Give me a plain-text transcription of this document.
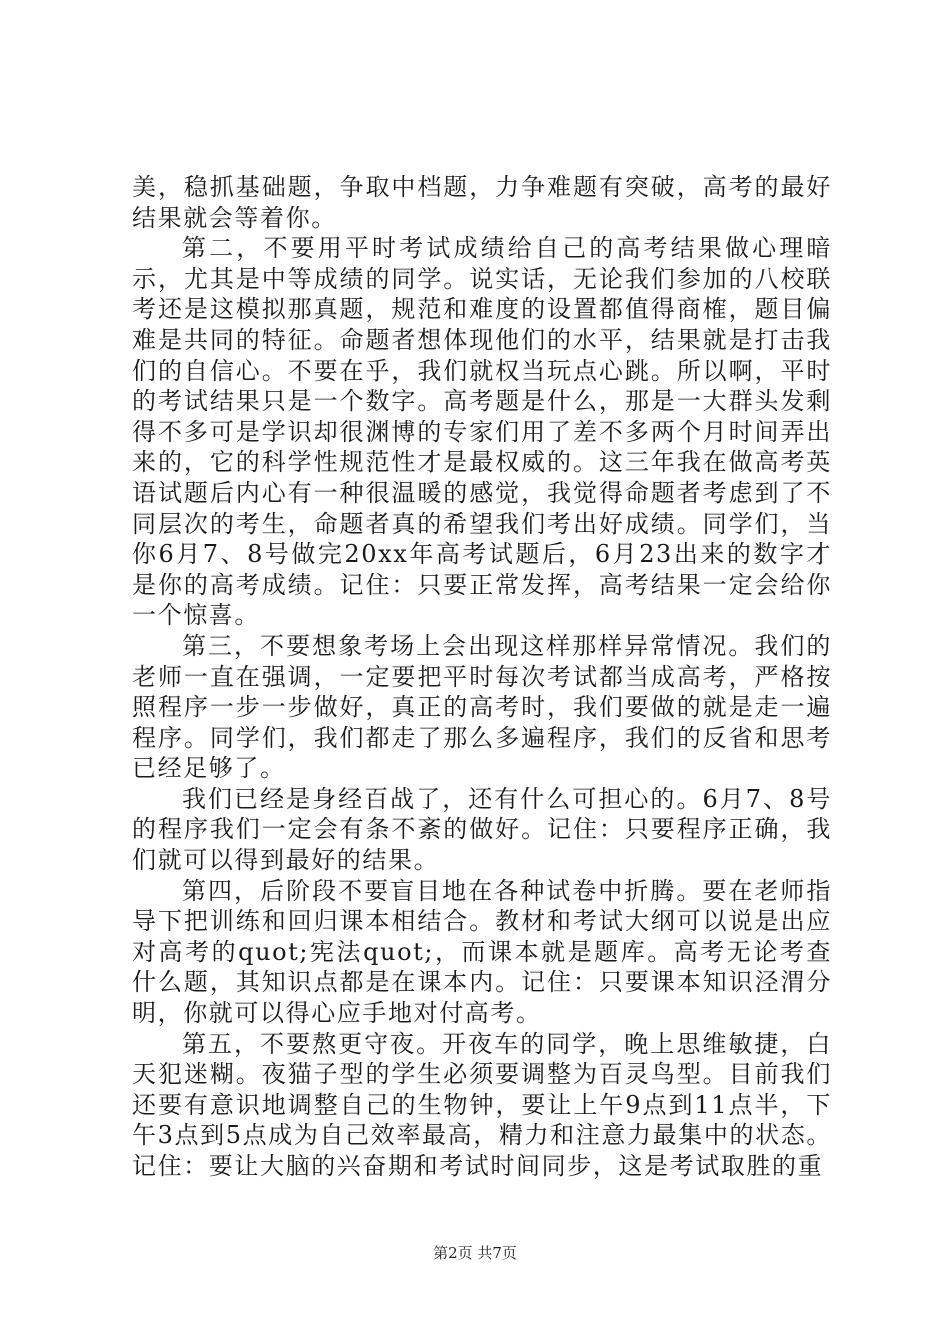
美，稳抓基础题，争取中档题，力争难题有突破，高考的最好结果就会等着你。

第二，不要用平时考试成绩给自己的高考结果做心理暗示，尤其是中等成绩的同学。说实话，无论我们参加的八校联考还是这模拟那真题，规范和难度的设置都值得商榷，题目偏难是共同的特征。命题者想体现他们的水平，结果就是打击我们的自信心。不要在乎，我们就权当玩点心跳。所以啊，平时的考试结果只是一个数字。高考题是什么，那是一大群头发剩得不多可是学识却很渊博的专家们用了差不多两个月时间弄出来的，它的科学性规范性才是最权威的。这三年我在做高考英语试题后内心有一种很温暖的感觉，我觉得命题者考虑到了不同层次的考生，命题者真的希望我们考出好成绩。同学们，当你6月7、8号做完20xx年高考试题后，6月23出来的数字才是你的高考成绩。记住：只要正常发挥，高考结果一定会给你一个惊喜。

第三，不要想象考场上会出现这样那样异常情况。我们的老师一直在强调，一定要把平时每次考试都当成高考，严格按照程序一步一步做好，真正的高考时，我们要做的就是走一遍程序。同学们，我们都走了那么多遍程序，我们的反省和思考已经足够了。

我们已经是身经百战了，还有什么可担心的。6月7、8号的程序我们一定会有条不紊的做好。记住：只要程序正确，我们就可以得到最好的结果。

第四，后阶段不要盲目地在各种试卷中折腾。要在老师指导下把训练和回归课本相结合。教材和考试大纲可以说是出应对高考的quot;宪法quot;，而课本就是题库。高考无论考查什么题，其知识点都是在课本内。记住：只要课本知识泾渭分明，你就可以得心应手地对付高考。

第五，不要熬更守夜。开夜车的同学，晚上思维敏捷，白天犯迷糊。夜猫子型的学生必须要调整为百灵鸟型。目前我们还要有意识地调整自己的生物钟，要让上午9点到11点半，下午3点到5点成为自己效率最高，精力和注意力最集中的状态。记住：要让大脑的兴奋期和考试时间同步，这是考试取胜的重

第2页 共7页
